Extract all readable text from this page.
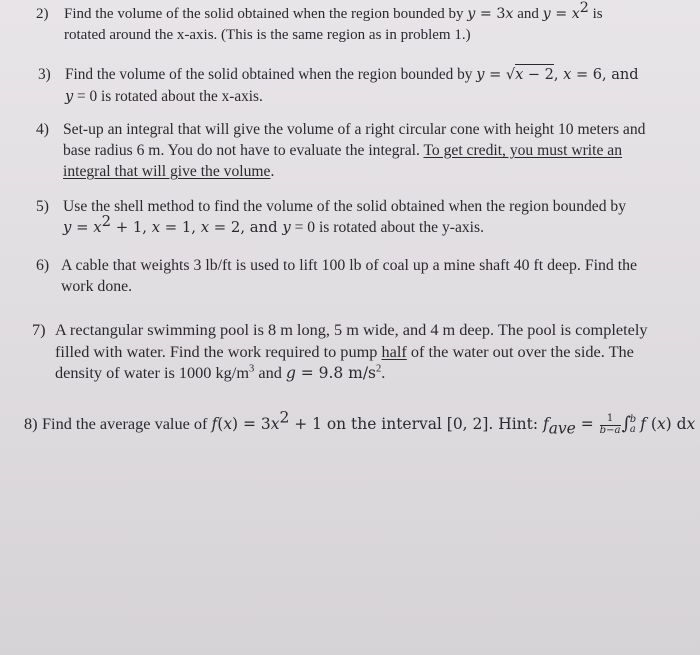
2) Find the volume of the solid obtained when the region bounded by y = 3x and $y = x^2$ is
rotated around the x-axis. (This is the same region as in problem 1.)
3) Find the volume of the solid obtained when the region bounded by y = √x − 2, x = 6, and
y = 0 is rotated about the x-axis.
4) Set-up an integral that will give the volume of a right circular cone with height 10 meters and
base radius 6 m. You do not have to evaluate the integral. To get credit, you must write an
integral that will give the volume.
5) Use the shell method to find the volume of the solid obtained when the region bounded by
$y = x^2 + 1$, x = 1, x = 2, and y = 0 is rotated about the y-axis.
6) A cable that weights 3 lb/ft is used to lift 100 lb of coal up a mine shaft 40 ft deep. Find the
work done.
7) A rectangular swimming pool is 8 m long, 5 m wide, and 4 m deep. The pool is completely
filled with water. Find the work required to pump half of the water out over the side. The
density of water is 1000 $kg/m^3$ and g = 9.8 $m/s^2$.
8) Find the average value of $f(x) = 3x^2 + 1$ on the interval [0, 2]. Hint: $f_{ave} = \frac{1}{b-a}$ ∫ b
a f (x) dx
